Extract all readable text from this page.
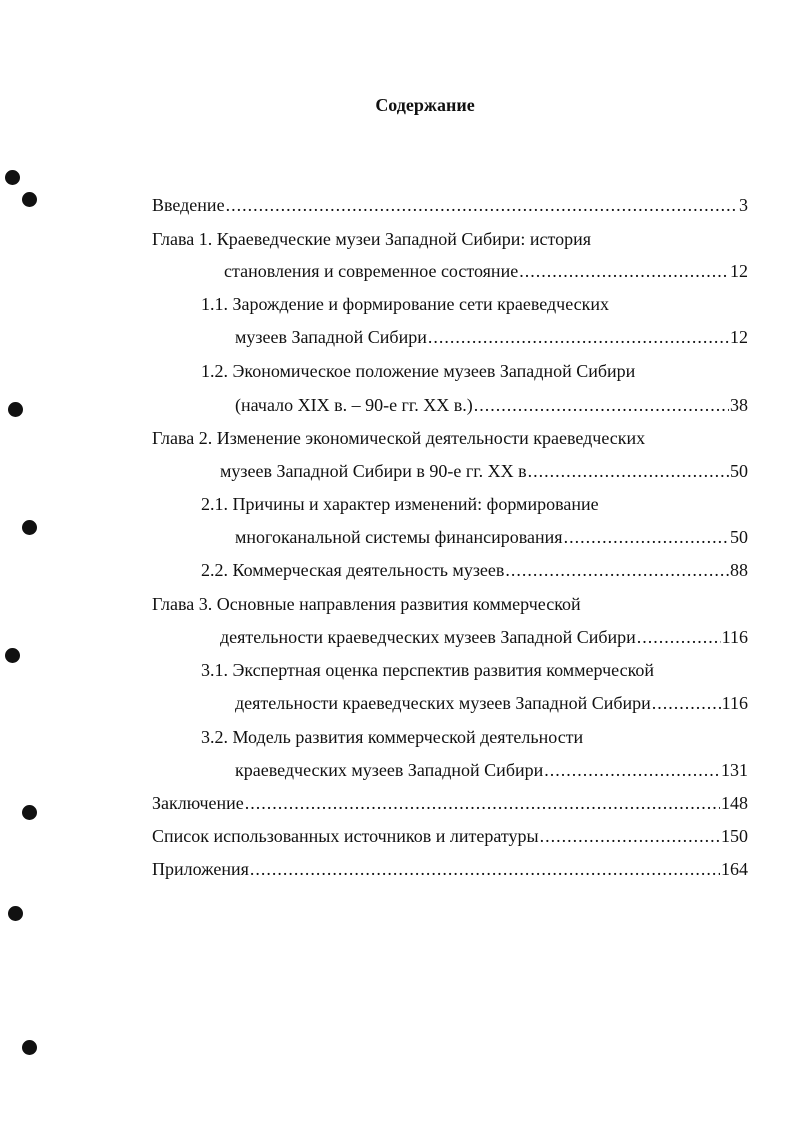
Содержание
Введение .....	3
Глава 1. Краеведческие музеи Западной Сибири: история
становления и современное состояние .....	12
1.1. Зарождение и формирование сети краеведческих
музеев Западной Сибири .....	12
1.2. Экономическое положение музеев Западной Сибири
(начало XIX в. – 90-е гг. XX в.) .....	38
Глава 2. Изменение экономической деятельности краеведческих
музеев Западной Сибири в 90-е гг. XX в .....	50
2.1. Причины и характер изменений: формирование
многоканальной системы финансирования .....	50
2.2. Коммерческая деятельность музеев .....	88
Глава 3. Основные направления развития коммерческой
деятельности краеведческих музеев Западной Сибири .....	116
3.1. Экспертная оценка перспектив развития коммерческой
деятельности краеведческих музеев Западной Сибири .....	116
3.2. Модель развития коммерческой деятельности
краеведческих музеев Западной Сибири .....	131
Заключение .....	148
Список использованных источников и литературы .....	150
Приложения .....	164
